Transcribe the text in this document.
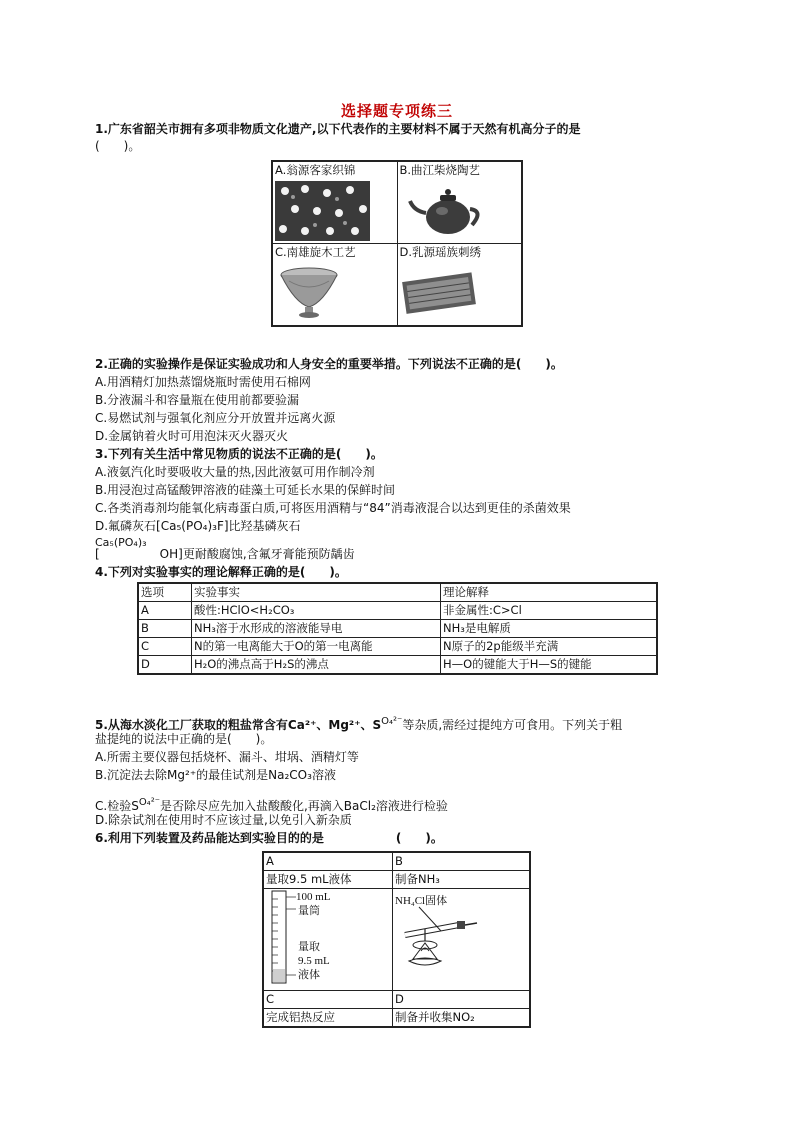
选择题专项练三
1.广东省韶关市拥有多项非物质文化遗产,以下代表作的主要材料不属于天然有机高分子的是
(　　)。
A.翁源客家织锦	B.曲江柴烧陶艺

C.南雄旋木工艺	D.乳源瑶族刺绣
2.正确的实验操作是保证实验成功和人身安全的重要举措。下列说法不正确的是(　　)。
A.用酒精灯加热蒸馏烧瓶时需使用石棉网
B.分液漏斗和容量瓶在使用前都要验漏
C.易燃试剂与强氧化剂应分开放置并远离火源
D.金属钠着火时可用泡沫灭火器灭火
3.下列有关生活中常见物质的说法不正确的是(　　)。
A.液氨汽化时要吸收大量的热,因此液氨可用作制冷剂
B.用浸泡过高锰酸钾溶液的硅藻土可延长水果的保鲜时间
C.各类消毒剂均能氧化病毒蛋白质,可将医用酒精与“84”消毒液混合以达到更佳的杀菌效果
D.氟磷灰石[Ca₅(PO₄)₃F]比羟基磷灰石
Ca₅(PO₄)₃
[　　　　　OH]更耐酸腐蚀,含氟牙膏能预防龋齿
4.下列对实验事实的理论解释正确的是(　　)。
选项	实验事实	理论解释
A	酸性:HClO<H₂CO₃	非金属性:C>Cl
B	NH₃溶于水形成的溶液能导电	NH₃是电解质
C	N的第一电离能大于O的第一电离能	N原子的2p能级半充满
D	H₂O的沸点高于H₂S的沸点	H—O的键能大于H—S的键能
5.从海水淡化工厂获取的粗盐常含有Ca²⁺、Mg²⁺、$S^{O_4^{2-}}$等杂质,需经过提纯方可食用。下列关于粗
盐提纯的说法中正确的是(　　)。
A.所需主要仪器包括烧杯、漏斗、坩埚、酒精灯等
B.沉淀法去除Mg²⁺的最佳试剂是Na₂CO₃溶液
C.检验$S^{O_4^{2-}}$是否除尽应先加入盐酸酸化,再滴入BaCl₂溶液进行检验
D.除杂试剂在使用时不应该过量,以免引入新杂质
6.利用下列装置及药品能达到实验目的的是　　　　　　(　　)。
A	B
量取9.5 mL液体	制备NH₃

100 mL
量筒
量取
9.5 mL
液体	NH₄Cl固体

C	D
完成铝热反应	制备并收集NO₂
